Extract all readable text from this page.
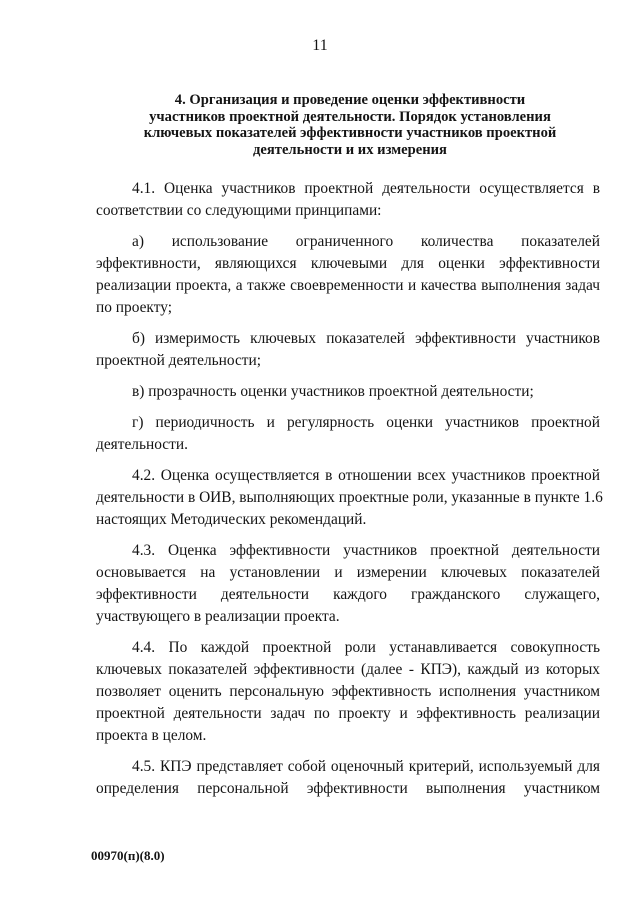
11
4. Организация и проведение оценки эффективности
участников проектной деятельности. Порядок установления
ключевых показателей эффективности участников проектной
деятельности и их измерения
4.1. Оценка участников проектной деятельности осуществляется в
соответствии со следующими принципами:
а) использование ограниченного количества показателей
эффективности, являющихся ключевыми для оценки эффективности
реализации проекта, а также своевременности и качества выполнения задач
по проекту;
б) измеримость ключевых показателей эффективности участников
проектной деятельности;
в) прозрачность оценки участников проектной деятельности;
г) периодичность и регулярность оценки участников проектной
деятельности.
4.2. Оценка осуществляется в отношении всех участников проектной
деятельности в ОИВ, выполняющих проектные роли, указанные в пункте 1.6
настоящих Методических рекомендаций.
4.3. Оценка эффективности участников проектной деятельности
основывается на установлении и измерении ключевых показателей
эффективности деятельности каждого гражданского служащего,
участвующего в реализации проекта.
4.4. По каждой проектной роли устанавливается совокупность
ключевых показателей эффективности (далее - КПЭ), каждый из которых
позволяет оценить персональную эффективность исполнения участником
проектной деятельности задач по проекту и эффективность реализации
проекта в целом.
4.5. КПЭ представляет собой оценочный критерий, используемый для
определения персональной эффективности выполнения участником
00970(п)(8.0)
